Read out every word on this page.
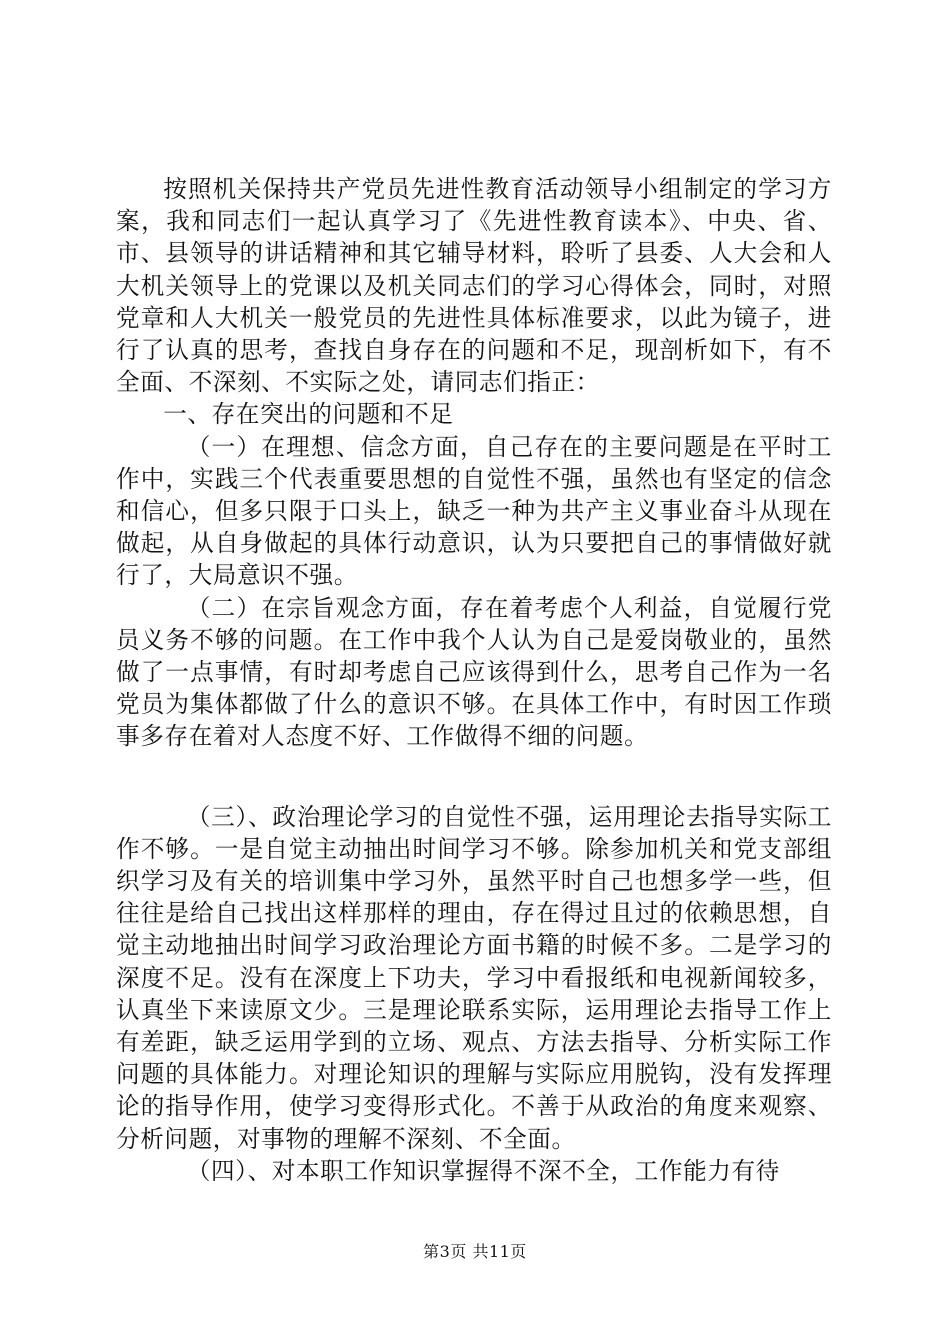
按照机关保持共产党员先进性教育活动领导小组制定的学习方案，我和同志们一起认真学习了《先进性教育读本》、中央、省、市、县领导的讲话精神和其它辅导材料，聆听了县委、人大会和人大机关领导上的党课以及机关同志们的学习心得体会，同时，对照党章和人大机关一般党员的先进性具体标准要求，以此为镜子，进行了认真的思考，查找自身存在的问题和不足，现剖析如下，有不全面、不深刻、不实际之处，请同志们指正：

一、存在突出的问题和不足

（一）在理想、信念方面，自己存在的主要问题是在平时工作中，实践三个代表重要思想的自觉性不强，虽然也有坚定的信念和信心，但多只限于口头上，缺乏一种为共产主义事业奋斗从现在做起，从自身做起的具体行动意识，认为只要把自己的事情做好就行了，大局意识不强。

（二）在宗旨观念方面，存在着考虑个人利益，自觉履行党员义务不够的问题。在工作中我个人认为自己是爱岗敬业的，虽然做了一点事情，有时却考虑自己应该得到什么，思考自己作为一名党员为集体都做了什么的意识不够。在具体工作中，有时因工作琐事多存在着对人态度不好、工作做得不细的问题。

（三）、政治理论学习的自觉性不强，运用理论去指导实际工作不够。一是自觉主动抽出时间学习不够。除参加机关和党支部组织学习及有关的培训集中学习外，虽然平时自己也想多学一些，但往往是给自己找出这样那样的理由，存在得过且过的依赖思想，自觉主动地抽出时间学习政治理论方面书籍的时候不多。二是学习的深度不足。没有在深度上下功夫，学习中看报纸和电视新闻较多，认真坐下来读原文少。三是理论联系实际，运用理论去指导工作上有差距，缺乏运用学到的立场、观点、方法去指导、分析实际工作问题的具体能力。对理论知识的理解与实际应用脱钩，没有发挥理论的指导作用，使学习变得形式化。不善于从政治的角度来观察、分析问题，对事物的理解不深刻、不全面。

（四）、对本职工作知识掌握得不深不全，工作能力有待

第3页 共11页
